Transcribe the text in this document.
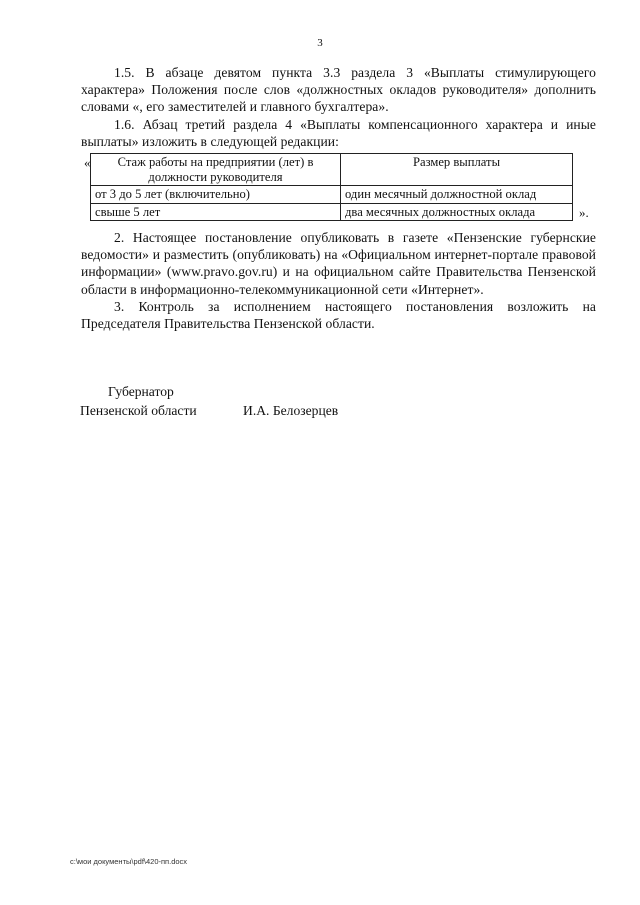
3

1.5. В абзаце девятом пункта 3.3 раздела 3 «Выплаты стимулирующего характера» Положения после слов «должностных окладов руководителя» дополнить словами «, его заместителей и главного бухгалтера».

1.6. Абзац третий раздела 4 «Выплаты компенсационного характера и иные выплаты» изложить в следующей редакции:

« Стаж работы на предприятии (лет) в должности руководителя	Размер выплаты
от 3 до 5 лет (включительно)	один месячный должностной оклад
свыше 5 лет	два месячных должностных оклада	».

2. Настоящее постановление опубликовать в газете «Пензенские губернские ведомости» и разместить (опубликовать) на «Официальном интернет-портале правовой информации» (www.pravo.gov.ru) и на официальном сайте Правительства Пензенской области в информационно-телекоммуникационной сети «Интернет».

3. Контроль за исполнением настоящего постановления возложить на Председателя Правительства Пензенской области.

Губернатор
Пензенской области	И.А. Белозерцев
c:\мои документы\pdf\420-пп.docx
